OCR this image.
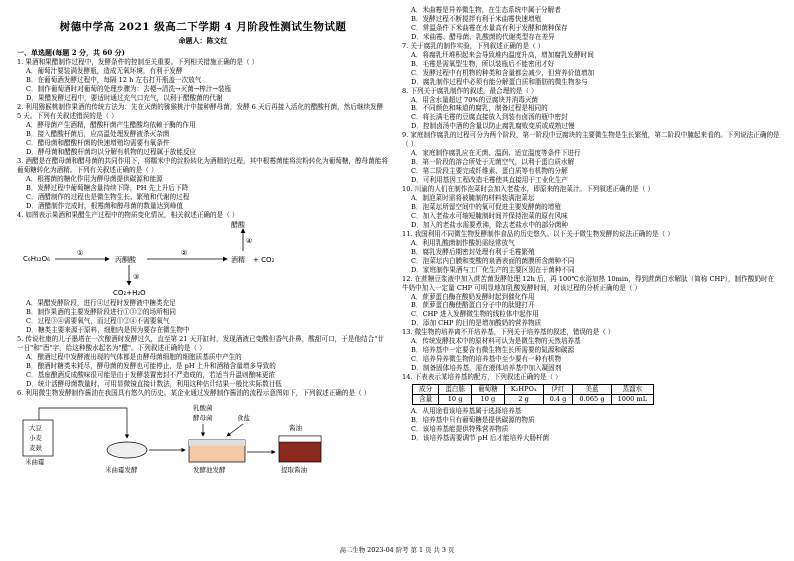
树德中学高 2021 级高二下学期 4 月阶段性测试生物试题
命题人：陈文红
一、单选题(每题 2 分，共 60 分)
1. 果酒和果醋制作过程中，发酵条件的控制至关重要。下列相关措施正确的是（ ）
A．葡萄汁要装满发酵瓶，造成无氧环境，有利于发酵
B．在葡萄酒发酵过程中，每隔 12 h 左右打开瓶盖一次放气
C．制作葡萄酒时对葡萄的处理步骤为：去梗→清洗→灭菌→榨汁→装瓶
D．果醋发酵过程中，要适时通过充气口充气，以利于醋酸菌的代谢
2. 利用猕猴桃制作果酒的传统方法为：先在灭菌的猕猴桃汁中接种酵母菌，发酵 6 天后再接入活化的醋酸杆菌，然后继续发酵 5 天。下列有关叙述错误的是（ ）
A．酵母菌产生酒精，醋酸杆菌产生醋酸均依赖于酶的作用
B．接入醋酸杆菌后，应高温处理发酵液杀灭杂菌
C．醋母菌和醋酸杆菌的快速增殖均需要有氧条件
D．酵母菌和醋酸杆菌均以分解有机物的过程属于放能反应
3. 酒醋是在醋母菌和醋母菌的共同作用下，将糯米中的淀粉转化为酒精的过程，其中根霉菌能将淀粉转化为葡萄糖，醇母菌能将葡萄糖转化为酒精。下列有关叙述正确的是（ ）
A．根霉菌的糖化作用为酵母菌提供碳源和能源
B．发酵过程中葡萄糖含量持续下降，PH 先上升后下降
C．酒醋制作的过程也是微生物生长、繁殖和代谢的过程
D．酒醋制作完成时，根霉菌和醇母菌的数量达到峰值
4. 如图表示果酒和果醋生产过程中的物质变化情况，相关叙述正确的是（ ）
C₆H₁₂O₆
①
丙酮酸
②
酒精 + CO₂
④
醋酸
③
CO₂+H₂O
A．果醋发酵阶段，进行④过程时发酵液中糖类充足
B．制作果酒的主要发酵阶段进行①③②的场所相同
C．过程③④需要氧气，而过程①②④不需要氧气
D．糖类主要来源于原料，细胞内是因为要存在微生物中
5. 传说杜康的儿子墨塔在一次酿酒时发酵过久，直至第 21 天开缸时，发现酒液已变酸但香气扑鼻，酸甜可口，于是他结合"廿一日"和"酉"字，给这种酸水起名为"醋"。下列叙述正确的是（ ）
A．酿酒过程中发酵液出现的气体都是由酵母菌细胞的细胞质基质中产生的
B．酿酒时糖类未耗尽，酵母菌的发酵也可能停止，是 pH 上升和酒精含量增多导致的
C．基座酿酒反成酸味很可能是由于发酵装置密封不严造成的，若适当升温则酿味更浓
D．统计活酵母菌数量时，可用显微镜直接计数法，利用这种估计结果一般比实际数目低
6. 利用微生物发酵制作酱油在我国具有悠久的历史。某企业通过发酵制作酱油的流程示意图如下，下列叙述正确的是（ ）
米曲霉
大豆
小麦
麦麸
米曲霉发酵
乳酸菌
酵母菌	食盐
发酵池发酵
酱油
提取酱油
A．米曲霉是异养微生物，在生态系统中属于分解者
B．发酵过程不断搅拌有利于米曲霉快速增殖
C．常温条件下米曲霉在水量高有利于发酵和菌种保存
D．米曲霉、醋母菌、乳酸菌的代谢类型存在差异
7. 关于腐乳的制作实验，下列叙述正确的是（ ）
A．将腐乳坯堆积起来会导致堆内温度升高，增加腐乳发酵时间
B．毛霉是需氧型生物，所以装瓶后不能密闭才好
C．发酵过程中有机物的种类和含量都会减少，但营养价值增加
D．腐乳制作过程中必须有能分解蛋白质和脂肪的微生物参与
8. 下列关于腐乳制作的叙述，最合理的是（ ）
A．用含水量超过 70%的豆腐块并消毒灭菌
B．不同颜色和味道的腐乳，制备过程是相同的
C．将长满毛霉的豆腐直接放入到装有卤汤的瓶中密封
D．控制卤汤中酒的含量以防止腐乳腐败变质或成熟过慢
9. 家庭制作腐乳的过程可分为两个阶段，第一阶段中豆腐块的主要微生物是生长繁殖，第二阶段中腌起来看的。下列说法正确的是（ ）
A．家庭制作腐乳应在无菌、温润、适宜温度等条件下进行
B．第一阶段的溶合所处于无菌空气，以利于蛋白质水解
C．第二阶段主要完成纤维素、蛋白质等有机物的分解
D．可利用基因工程改造毛霉使其直接用于工业化生产
10. 川渝的人们在制作泡菜时会加入老盐水，即原来的泡菜汁。下列叙述正确的是（ ）
A．制泡菜时需将被腌制的材料装满泡菜坛
B．泡菜坛所留空间中的氧可促进主要发酵菌的增殖
C．加入老盐水可缩短腌制时间并保持泡菜的原有风味
D．加入的老盐水需要煮沸，除去老盐水中的部分菌种
11. 我国利用不同微生物发酵制作食品的历史悠久。以下关于微生物发酵的说法正确的是（ ）
A．利用乳酸菌制作酸奶需经常放气
B．腐乳发酵后期密封处理有利于毛霉繁殖
C．泡菜坛内白膜和变酸的泉酒表面的菌膜所含菌种不同
D．家庭制作果酒与工厂化生产的主要区别在于菌种不同
12. 在蔗糖豆浆液中加入蔗苦菌发酵处理 12h 后，再 100℃水浴加热 10min，得到蔗菌白水解肽（简称 CHP），制作酸奶时在牛奶中加入一定量 CHP 可明显地加乳酸发酵时间，对该过程的分析正确的是（ ）
A．蔗萝蛋白酶在酸奶发酵时起到催化作用
B．蔗萝蛋白酶使酪蛋白分子中的肽键打开
C．CHP 进入发酵微生物的线粒体中起作用
D．添加 CHP 的目的是增加酸奶的营养物质
13. 微生物的培养离不开培养基，下列关于培养基的叙述，错误的是（ ）
A．传统发酵技术中的原材料可认为是微生物的天然培养基
B．培养基中一定要含有微生物生长所需要的氮源和碳源
C．培养异养微生物的培养基中至少要有一种有机物
D．制备固体培养基，需在液体培养基中加入凝固剂
14. 下表表示某培养基的配方，下列叙述正确的是（ ）
成分	蛋白胨	葡萄糖	K₂HPO₄	伊红	美蓝	蒸馏水
含量	10 g	10 g	2 g	0.4 g	0.065 g	1000 mL
A．从用途看该培养基属于选择培养基
B．培养基中只有葡萄糖是提供碳源的物质
C．该培养基能提供特殊营养物质
D．该培养基需要调节 pH 后才能培养大肠杆菌
高二生物 2023-04 阶考 第 1 页 共 3 页
